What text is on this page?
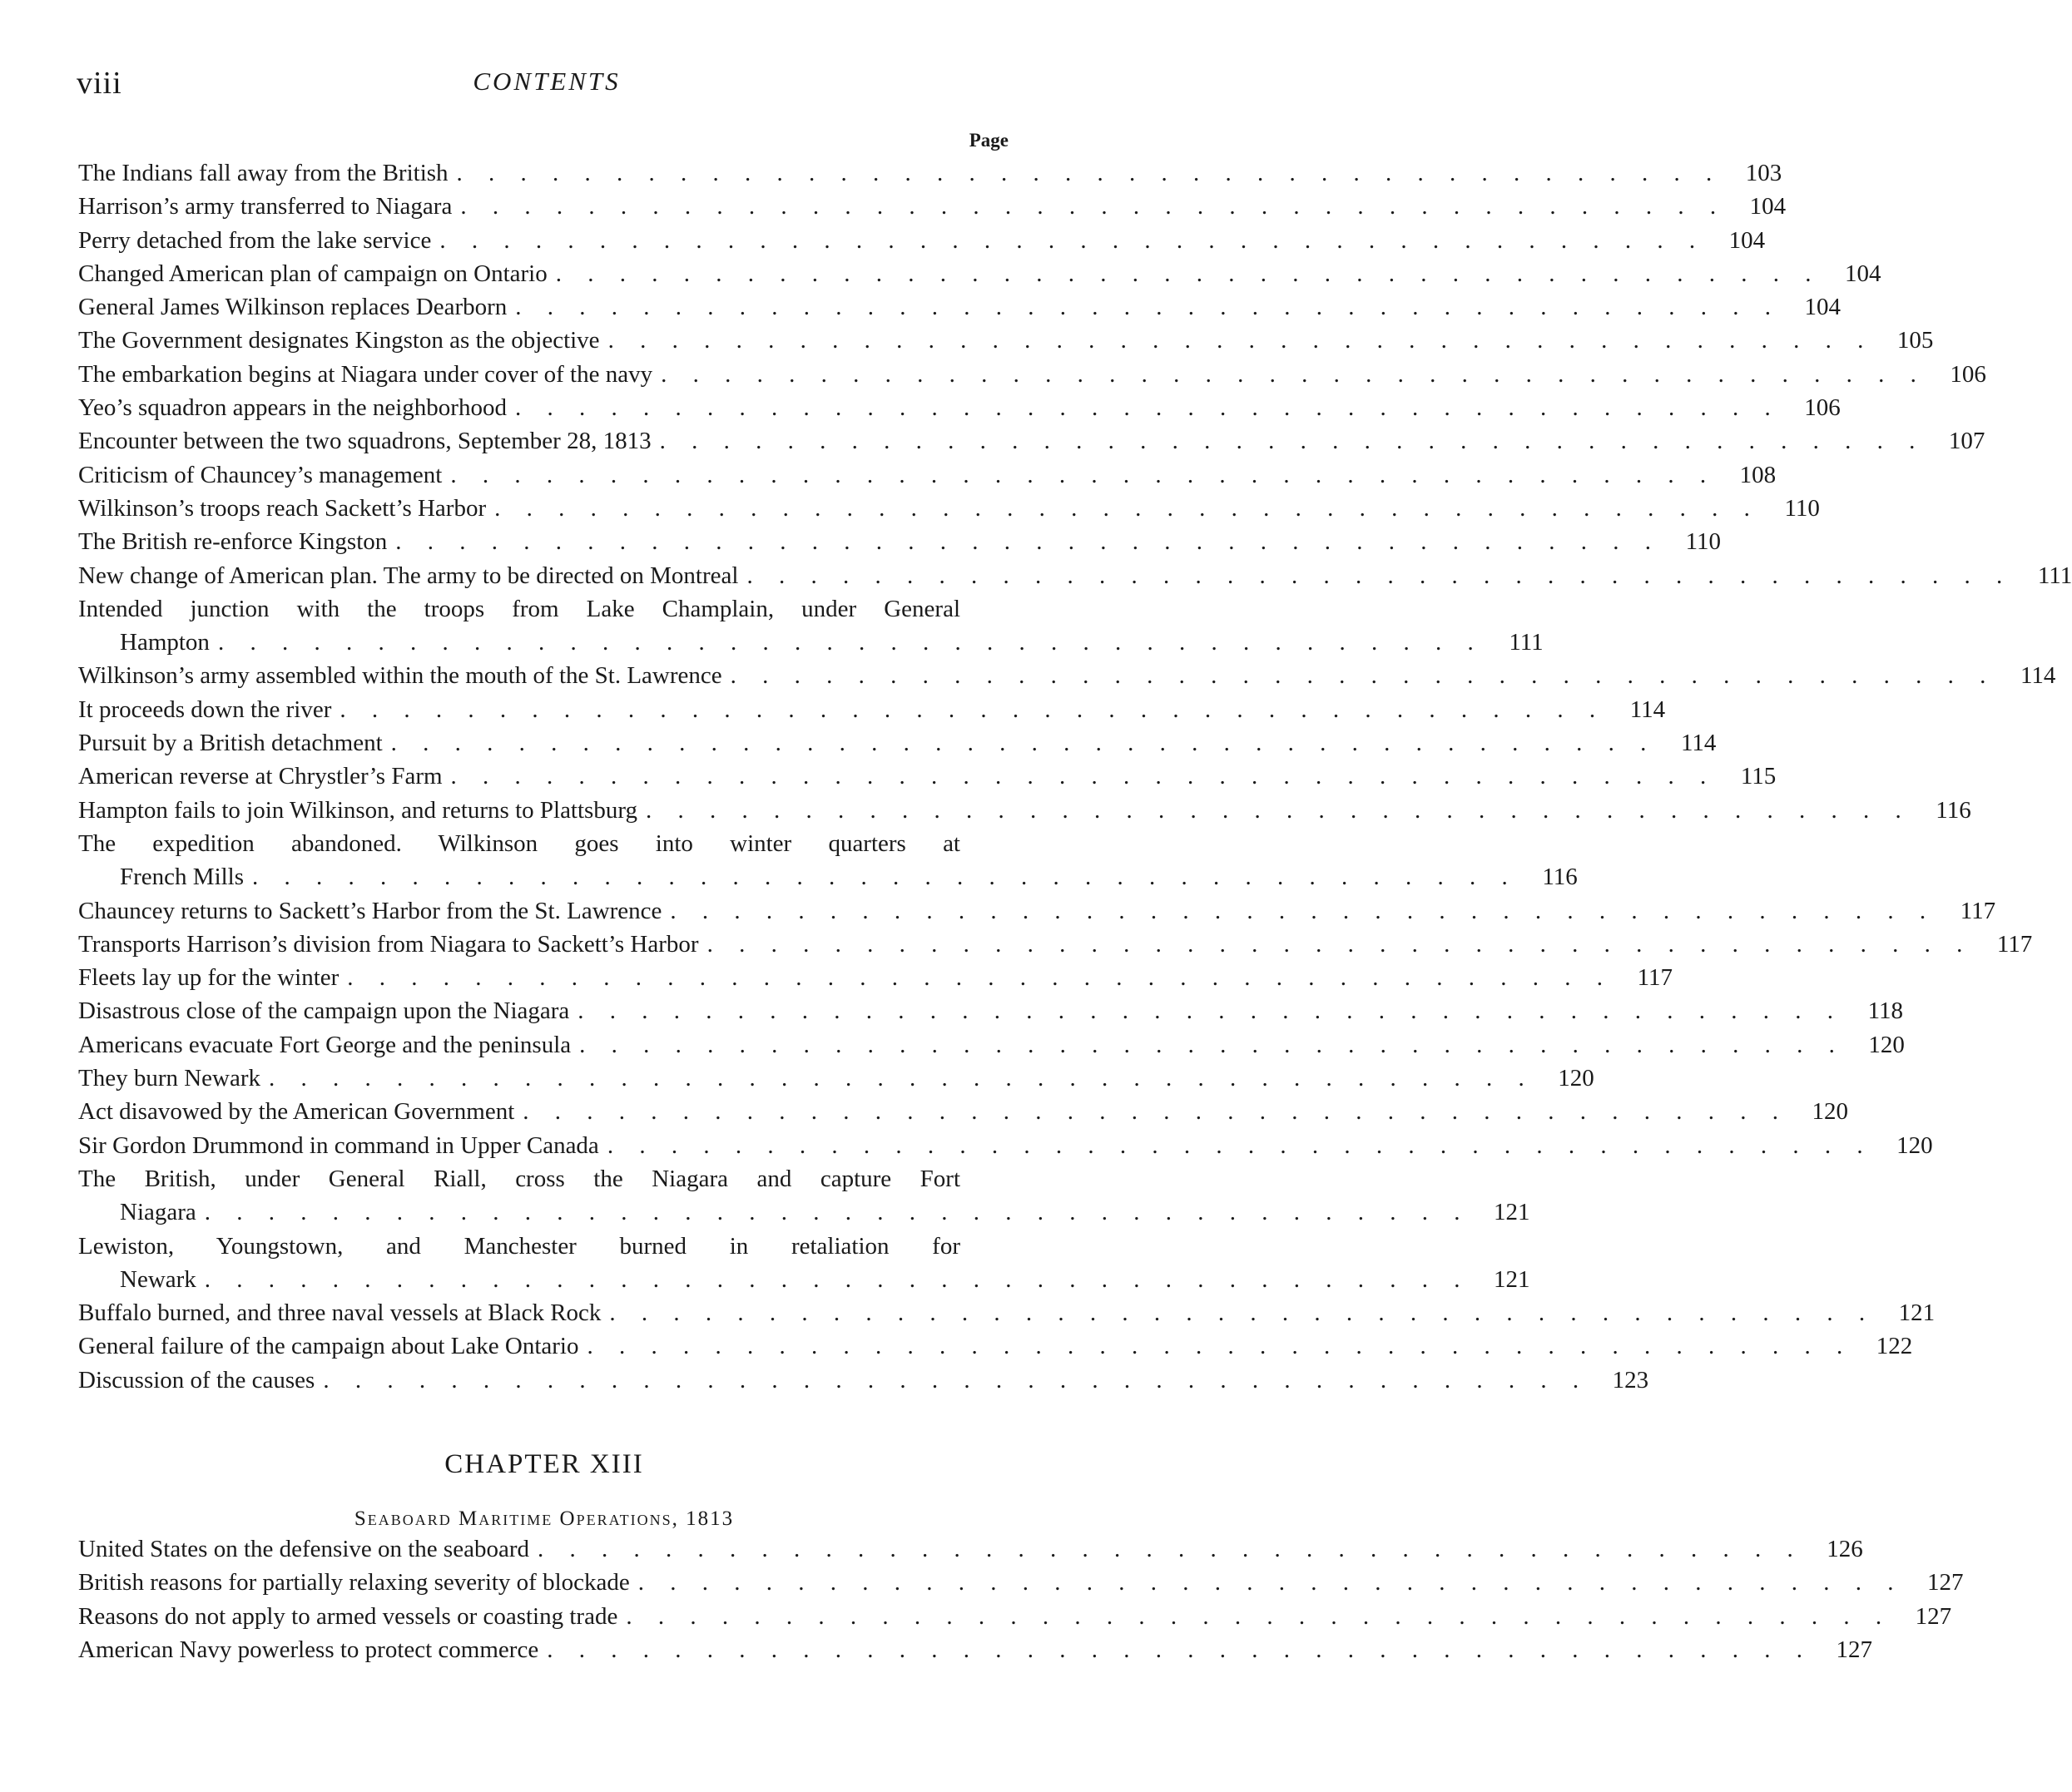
viii	CONTENTS
Page
The Indians fall away from the British . . . . . . . . . . . . . . . . . . . . . . . . . . . . . . . . . . . . . . . . 103
Harrison’s army transferred to Niagara . . . . . . . . . . . . . . . . . . . . . . . . . . . . . . . . . . . . . . . . 104
Perry detached from the lake service . . . . . . . . . . . . . . . . . . . . . . . . . . . . . . . . . . . . . . . . 104
Changed American plan of campaign on Ontario . . . . . . . . . . . . . . . . . . . . . . . . . . . . . . . . . . . . . . . . 104
General James Wilkinson replaces Dearborn . . . . . . . . . . . . . . . . . . . . . . . . . . . . . . . . . . . . . . . . 104
The Government designates Kingston as the objective . . . . . . . . . . . . . . . . . . . . . . . . . . . . . . . . . . . . . . . . 105
The embarkation begins at Niagara under cover of the navy . . . . . . . . . . . . . . . . . . . . . . . . . . . . . . . . . . . . . . . . 106
Yeo’s squadron appears in the neighborhood . . . . . . . . . . . . . . . . . . . . . . . . . . . . . . . . . . . . . . . . 106
Encounter between the two squadrons, September 28, 1813 . . . . . . . . . . . . . . . . . . . . . . . . . . . . . . . . . . . . . . . . 107
Criticism of Chauncey’s management . . . . . . . . . . . . . . . . . . . . . . . . . . . . . . . . . . . . . . . . 108
Wilkinson’s troops reach Sackett’s Harbor . . . . . . . . . . . . . . . . . . . . . . . . . . . . . . . . . . . . . . . .	110
The British re-enforce Kingston . . . . . . . . . . . . . . . . . . . . . . . . . . . . . . . . . . . . . . . .	110
New change of American plan. The army to be directed on Montreal . . . . . . . . . . . . . . . . . . . . . . . . . . . . . . . . . . . . . . . .	111
Intended junction with the troops from Lake Champlain, under General
Hampton . . . . . . . . . . . . . . . . . . . . . . . . . . . . . . . . . . . . . . . .	111
Wilkinson’s army assembled within the mouth of the St. Lawrence . . . . . . . . . . . . . . . . . . . . . . . . . . . . . . . . . . . . . . . .	114
It proceeds down the river . . . . . . . . . . . . . . . . . . . . . . . . . . . . . . . . . . . . . . . .	114
Pursuit by a British detachment . . . . . . . . . . . . . . . . . . . . . . . . . . . . . . . . . . . . . . . .	114
American reverse at Chrystler’s Farm . . . . . . . . . . . . . . . . . . . . . . . . . . . . . . . . . . . . . . . .	115
Hampton fails to join Wilkinson, and returns to Plattsburg . . . . . . . . . . . . . . . . . . . . . . . . . . . . . . . . . . . . . . . .	116
The expedition abandoned. Wilkinson goes into winter quarters at
French Mills . . . . . . . . . . . . . . . . . . . . . . . . . . . . . . . . . . . . . . . .	116
Chauncey returns to Sackett’s Harbor from the St. Lawrence . . . . . . . . . . . . . . . . . . . . . . . . . . . . . . . . . . . . . . . .	117
Transports Harrison’s division from Niagara to Sackett’s Harbor . . . . . . . . . . . . . . . . . . . . . . . . . . . . . . . . . . . . . . . .	117
Fleets lay up for the winter . . . . . . . . . . . . . . . . . . . . . . . . . . . . . . . . . . . . . . . .	117
Disastrous close of the campaign upon the Niagara . . . . . . . . . . . . . . . . . . . . . . . . . . . . . . . . . . . . . . . .	118
Americans evacuate Fort George and the peninsula . . . . . . . . . . . . . . . . . . . . . . . . . . . . . . . . . . . . . . . . 120
They burn Newark . . . . . . . . . . . . . . . . . . . . . . . . . . . . . . . . . . . . . . . . 120
Act disavowed by the American Government . . . . . . . . . . . . . . . . . . . . . . . . . . . . . . . . . . . . . . . . 120
Sir Gordon Drummond in command in Upper Canada . . . . . . . . . . . . . . . . . . . . . . . . . . . . . . . . . . . . . . . . 120
The British, under General Riall, cross the Niagara and capture Fort
Niagara . . . . . . . . . . . . . . . . . . . . . . . . . . . . . . . . . . . . . . . . 121
Lewiston, Youngstown, and Manchester burned in retaliation for
Newark . . . . . . . . . . . . . . . . . . . . . . . . . . . . . . . . . . . . . . . . 121
Buffalo burned, and three naval vessels at Black Rock . . . . . . . . . . . . . . . . . . . . . . . . . . . . . . . . . . . . . . . . 121
General failure of the campaign about Lake Ontario . . . . . . . . . . . . . . . . . . . . . . . . . . . . . . . . . . . . . . . . 122
Discussion of the causes . . . . . . . . . . . . . . . . . . . . . . . . . . . . . . . . . . . . . . . . 123
CHAPTER XIII
Seaboard Maritime Operations, 1813
United States on the defensive on the seaboard . . . . . . . . . . . . . . . . . . . . . . . . . . . . . . . . . . . . . . . . 126
British reasons for partially relaxing severity of blockade . . . . . . . . . . . . . . . . . . . . . . . . . . . . . . . . . . . . . . . . 127
Reasons do not apply to armed vessels or coasting trade . . . . . . . . . . . . . . . . . . . . . . . . . . . . . . . . . . . . . . . . 127
American Navy powerless to protect commerce . . . . . . . . . . . . . . . . . . . . . . . . . . . . . . . . . . . . . . . . 127
